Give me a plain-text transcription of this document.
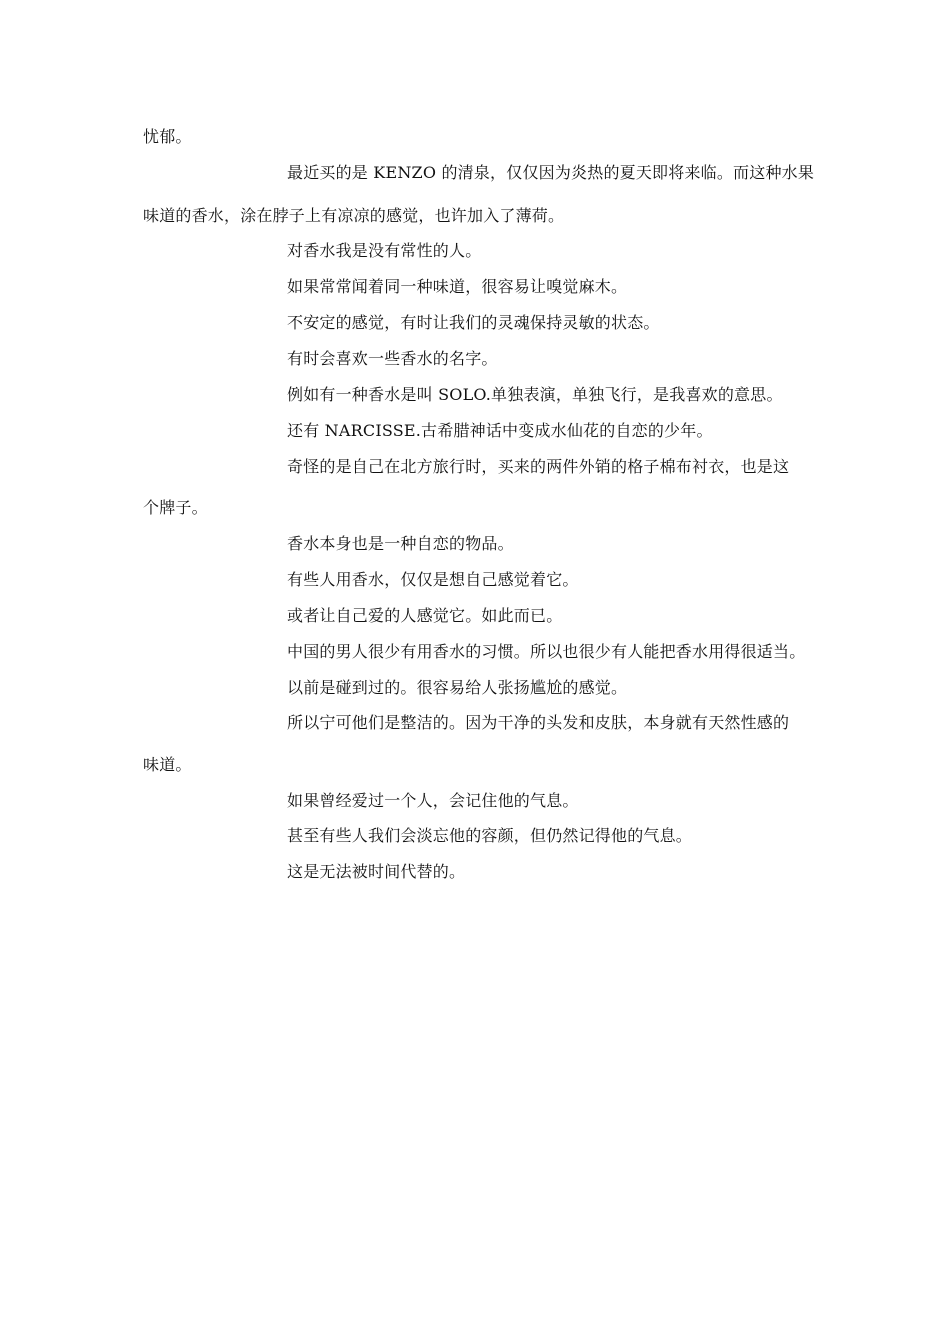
忧郁。
最近买的是 KENZO 的清泉，仅仅因为炎热的夏天即将来临。而这种水果
味道的香水，涂在脖子上有凉凉的感觉，也许加入了薄荷。
对香水我是没有常性的人。
如果常常闻着同一种味道，很容易让嗅觉麻木。
不安定的感觉，有时让我们的灵魂保持灵敏的状态。
有时会喜欢一些香水的名字。
例如有一种香水是叫 SOLO.单独表演，单独飞行，是我喜欢的意思。
还有 NARCISSE.古希腊神话中变成水仙花的自恋的少年。
奇怪的是自己在北方旅行时，买来的两件外销的格子棉布衬衣，也是这
个牌子。
香水本身也是一种自恋的物品。
有些人用香水，仅仅是想自己感觉着它。
或者让自己爱的人感觉它。如此而已。
中国的男人很少有用香水的习惯。所以也很少有人能把香水用得很适当。
以前是碰到过的。很容易给人张扬尴尬的感觉。
所以宁可他们是整洁的。因为干净的头发和皮肤，本身就有天然性感的
味道。
如果曾经爱过一个人，会记住他的气息。
甚至有些人我们会淡忘他的容颜，但仍然记得他的气息。
这是无法被时间代替的。
